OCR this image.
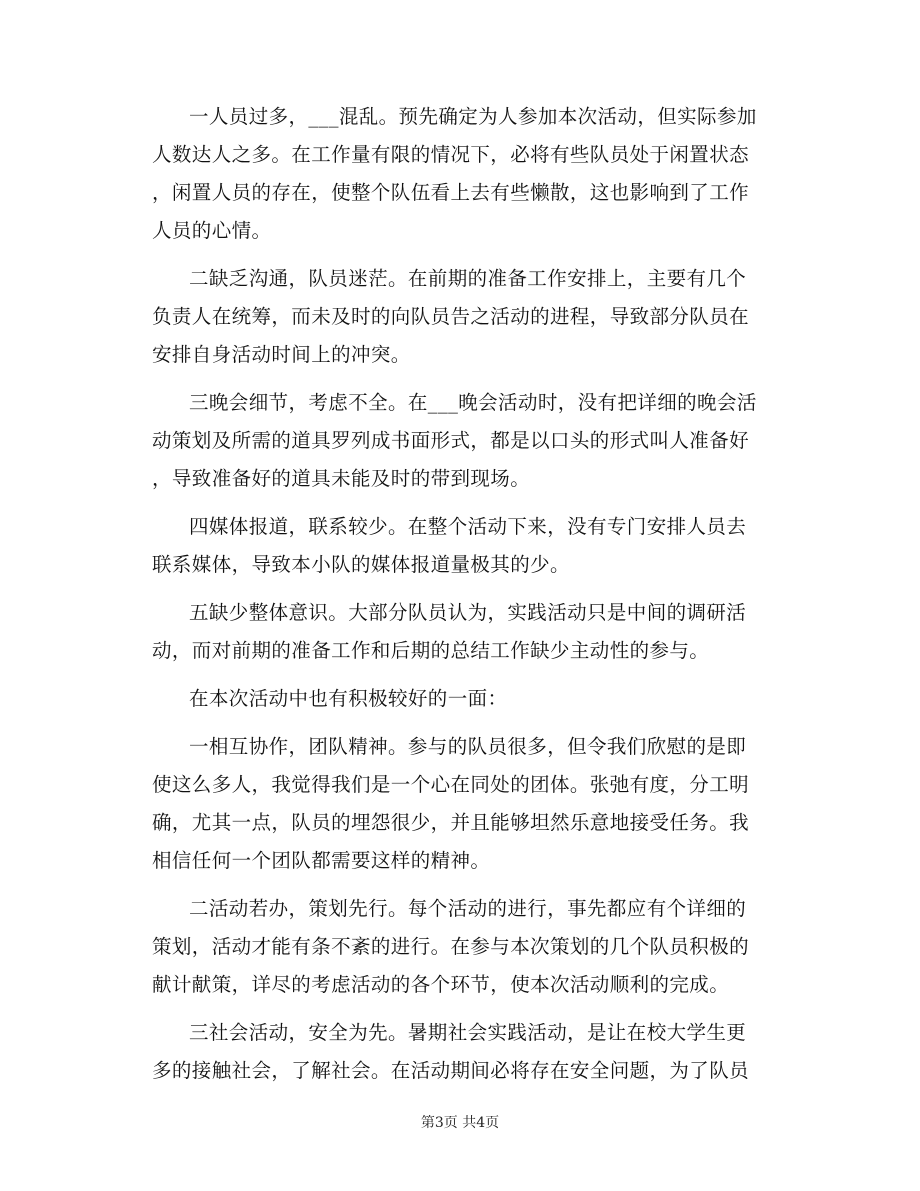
一人员过多，___混乱。预先确定为人参加本次活动，但实际参加
人数达人之多。在工作量有限的情况下，必将有些队员处于闲置状态
，闲置人员的存在，使整个队伍看上去有些懒散，这也影响到了工作
人员的心情。
二缺乏沟通，队员迷茫。在前期的准备工作安排上，主要有几个
负责人在统筹，而未及时的向队员告之活动的进程，导致部分队员在
安排自身活动时间上的冲突。
三晚会细节，考虑不全。在___晚会活动时，没有把详细的晚会活
动策划及所需的道具罗列成书面形式，都是以口头的形式叫人准备好
，导致准备好的道具未能及时的带到现场。
四媒体报道，联系较少。在整个活动下来，没有专门安排人员去
联系媒体，导致本小队的媒体报道量极其的少。
五缺少整体意识。大部分队员认为，实践活动只是中间的调研活
动，而对前期的准备工作和后期的总结工作缺少主动性的参与。
在本次活动中也有积极较好的一面：
一相互协作，团队精神。参与的队员很多，但令我们欣慰的是即
使这么多人，我觉得我们是一个心在同处的团体。张弛有度，分工明
确，尤其一点，队员的埋怨很少，并且能够坦然乐意地接受任务。我
相信任何一个团队都需要这样的精神。
二活动若办，策划先行。每个活动的进行，事先都应有个详细的
策划，活动才能有条不紊的进行。在参与本次策划的几个队员积极的
献计献策，详尽的考虑活动的各个环节，使本次活动顺利的完成。
三社会活动，安全为先。暑期社会实践活动，是让在校大学生更
多的接触社会，了解社会。在活动期间必将存在安全问题，为了队员
第3页 共4页
